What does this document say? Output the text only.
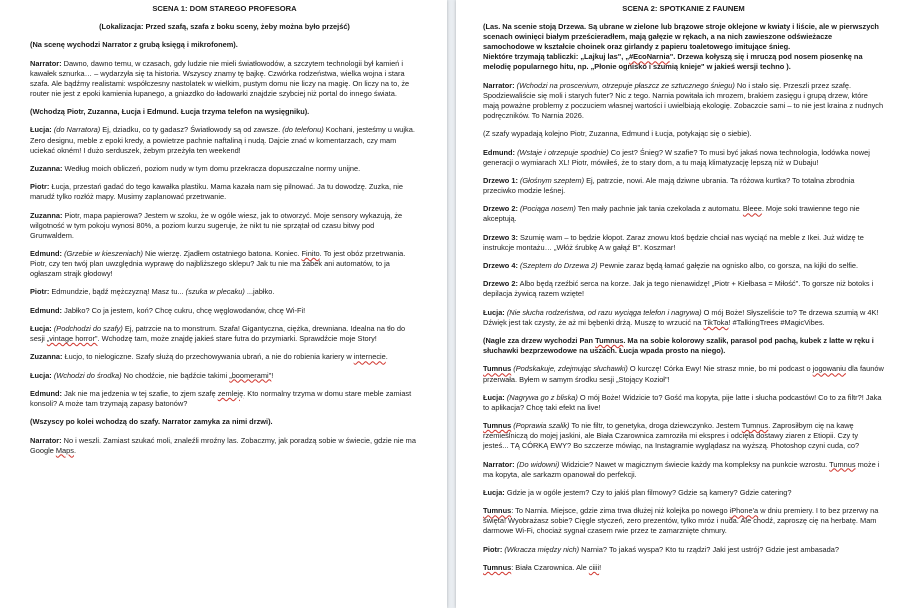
SCENA 1: DOM STAREGO PROFESORA

(Lokalizacja: Przed szafą, szafa z boku sceny, żeby można było przejść)

(Na scenę wychodzi Narrator z grubą księgą i mikrofonem).

Narrator: Dawno, dawno temu, w czasach, gdy ludzie nie mieli światłowodów, a szczytem technologii był kamień i kawałek sznurka… – wydarzyła się ta historia. Wszyscy znamy tę bajkę. Czwórka rodzeństwa, wielka wojna i stara szafa. Ale bądźmy realistami: współczesny nastolatek w wielkim, pustym domu nie liczy na magię. On liczy na to, że router nie jest z epoki kamienia łupanego, a gniazdko do ładowarki znajdzie szybciej niż portal do innego świata.

(Wchodzą Piotr, Zuzanna, Łucja i Edmund. Łucja trzyma telefon na wysięgniku).

Łucja: (do Narratora) Ej, dziadku, co ty gadasz? Światłowody są od zawsze. (do telefonu) Kochani, jesteśmy u wujka. Zero designu, meble z epoki kredy, a powietrze pachnie naftaliną i nudą. Dajcie znać w komentarzach, czy mam uciekać okném! I dużo serduszek, żebym przeżyła ten weekend!

Zuzanna: Według moich obliczeń, poziom nudy w tym domu przekracza dopuszczalne normy unijne.

Piotr: Łucja, przestań gadać do tego kawałka plastiku. Mama kazała nam się pilnować. Ja tu dowodzę. Zuzka, nie marudź tylko rozłóż mapy. Musimy zaplanować przetrwanie.

Zuzanna: Piotr, mapa papierowa? Jestem w szoku, że w ogóle wiesz, jak to otworzyć. Moje sensory wykazują, że wilgotność w tym pokoju wynosi 80%, a poziom kurzu sugeruje, że nikt tu nie sprzątał od czasu bitwy pod Grunwaldem.

Edmund: (Grzebie w kieszeniach) Nie wierzę. Zjadłem ostatniego batona. Koniec. Finito. To jest obóz przetrwania. Piotr, czy ten twój plan uwzględnia wyprawę do najbliższego sklepu? Jak tu nie ma żabek ani automatów, to ja ogłaszam strajk głodowy!

Piotr: Edmundzie, bądź mężczyzną! Masz tu... (szuka w plecaku) ...jabłko.

Edmund: Jabłko? Co ja jestem, koń? Chcę cukru, chcę węglowodanów, chcę Wi-Fi!

Łucja: (Podchodzi do szafy) Ej, patrzcie na to monstrum. Szafa! Gigantyczna, ciężka, drewniana. Idealna na tło do sesji „vintage horror". Wchodzę tam, może znajdę jakieś stare futra do przymiarki. Sprawdźcie moje Story!

Zuzanna: Łucjo, to nielogiczne. Szafy służą do przechowywania ubrań, a nie do robienia kariery w internecie.

Łucja: (Wchodzi do środka) No chodźcie, nie bądźcie takimi „boomerami"!

Edmund: Jak nie ma jedzenia w tej szafie, to zjem szafę zemleję. Kto normalny trzyma w domu stare meble zamiast konsoli? A może tam trzymają zapasy batonów?

(Wszyscy po kolei wchodzą do szafy. Narrator zamyka za nimi drzwi).

Narrator: No i weszli. Zamiast szukać moli, znaleźli mroźny las. Zobaczmy, jak poradzą sobie w świecie, gdzie nie ma Google Maps.

SCENA 2: SPOTKANIE Z FAUNEM

(Las. Na scenie stoją Drzewa. Są ubrane w zielone lub brązowe stroje oklejone w kwiaty i liście, ale w pierwszych scenach owinięci białym prześcieradłem, mają gałęzie w rękach, a na nich zawieszone odświeżacze samochodowe w kształcie choinek oraz girlandy z papieru toaletowego imitujące śnieg.
Niektóre trzymają tabliczki: „Lajkuj las", „#EcoNarnia". Drzewa kołyszą się i mruczą pod nosem piosenkę na melodię popularnego hitu, np. „Płonie ognisko i szumią knieje" w jakieś wersji techno ).

Narrator: (Wchodzi na proscenium, otrzepuje płaszcz ze sztucznego śniegu) No i stało się. Przeszli przez szafę. Spodziewaliście się moli i starych futer? Nic z tego. Narnia powitała ich mrozem, brakiem zasięgu i grupą drzew, które mają poważne problemy z poczuciem własnej wartości i uwielbiają ekologię. Zobaczcie sami – to nie jest kraina z nudnych podręczników. To Narnia 2026.

(Z szafy wypadają kolejno Piotr, Zuzanna, Edmund i Łucja, potykając się o siebie).

Edmund: (Wstaje i otrzepuje spodnie) Co jest? Śnieg? W szafie? To musi być jakaś nowa technologia, lodówka nowej generacji o wymiarach XL! Piotr, mówiłeś, że to stary dom, a tu mają klimatyzację lepszą niż w Dubaju!

Drzewo 1: (Głośnym szeptem) Ej, patrzcie, nowi. Ale mają dziwne ubrania. Ta różowa kurtka? To totalna zbrodnia przeciwko modzie leśnej.

Drzewo 2: (Pociąga nosem) Ten mały pachnie jak tania czekolada z automatu. Bleee. Moje soki trawienne tego nie akceptują.

Drzewo 3: Szumię wam – to będzie kłopot. Zaraz znowu ktoś będzie chciał nas wyciąć na meble z Ikei. Już widzę te instrukcje montażu… „Włóż śrubkę A w gałąź B". Koszmar!

Drzewo 4: (Szeptem do Drzewa 2) Pewnie zaraz będą łamać gałęzie na ognisko albo, co gorsza, na kijki do selfie.

Drzewo 2: Albo będą rzeźbić serca na korze. Jak ja tego nienawidzę! „Piotr + Kiełbasa = Miłość". To gorsze niż botoks i depilacja żywicą razem wzięte!

Łucja: (Nie słucha rodzeństwa, od razu wyciąga telefon i nagrywa) O mój Boże! Słyszeliście to? Te drzewa szumią w 4K! Dźwięk jest tak czysty, że aż mi bębenki drżą. Muszę to wrzucić na TikToka! #TalkingTrees #MagicVibes.

(Nagle zza drzew wychodzi Pan Tumnus. Ma na sobie kolorowy szalik, parasol pod pachą, kubek z latte w ręku i słuchawki bezprzewodowe na uszach. Łucja wpada prosto na niego).

Tumnus (Podskakuje, zdejmując słuchawki) O kurczę! Córka Ewy! Nie strasz mnie, bo mi podcast o jogowaniu dla faunów przerwała. Byłem w samym środku sesji „Stojący Kozioł"!

Łucja: (Nagrywa go z bliska) O mój Boże! Widzicie to? Gość ma kopyta, pije latte i słucha podcastów! Co to za filtr?! Jaka to aplikacja? Chcę taki efekt na live!

Tumnus (Poprawia szalik) To nie filtr, to genetyka, droga dziewczynko. Jestem Tumnus. Zaprosiłbym cię na kawę rzemieślniczą do mojej jaskini, ale Biała Czarownica zamroziła mi ekspres i odcięła dostawy ziaren z Etiopii. Czy ty jesteś... TĄ CÓRKĄ EWY? Bo szczerze mówiąc, na Instagramie wyglądasz na wyższą. Photoshop czyni cuda, co?

Narrator: (Do widowni) Widzicie? Nawet w magicznym świecie każdy ma kompleksy na punkcie wzrostu. Tumnus może i ma kopyta, ale sarkazm opanował do perfekcji.

Łucja: Gdzie ja w ogóle jestem? Czy to jakiś plan filmowy? Gdzie są kamery? Gdzie catering?

Tumnus: To Narnia. Miejsce, gdzie zima trwa dłużej niż kolejka po nowego iPhone'a w dniu premiery. I to bez przerwy na święta! Wyobrażasz sobie? Cięgle styczeń, zero prezentów, tylko mróz i nuda. Ale chodź, zaproszę cię na herbatę. Mam darmowe Wi-Fi, chociaż sygnał czasem rwie przez te zamarznięte chmury.

Piotr: (Wkracza między nich) Narnia? To jakaś wyspa? Kto tu rządzi? Jaki jest ustrój? Gdzie jest ambasada?

Tumnus: Biała Czarownica. Ale ciiii!
